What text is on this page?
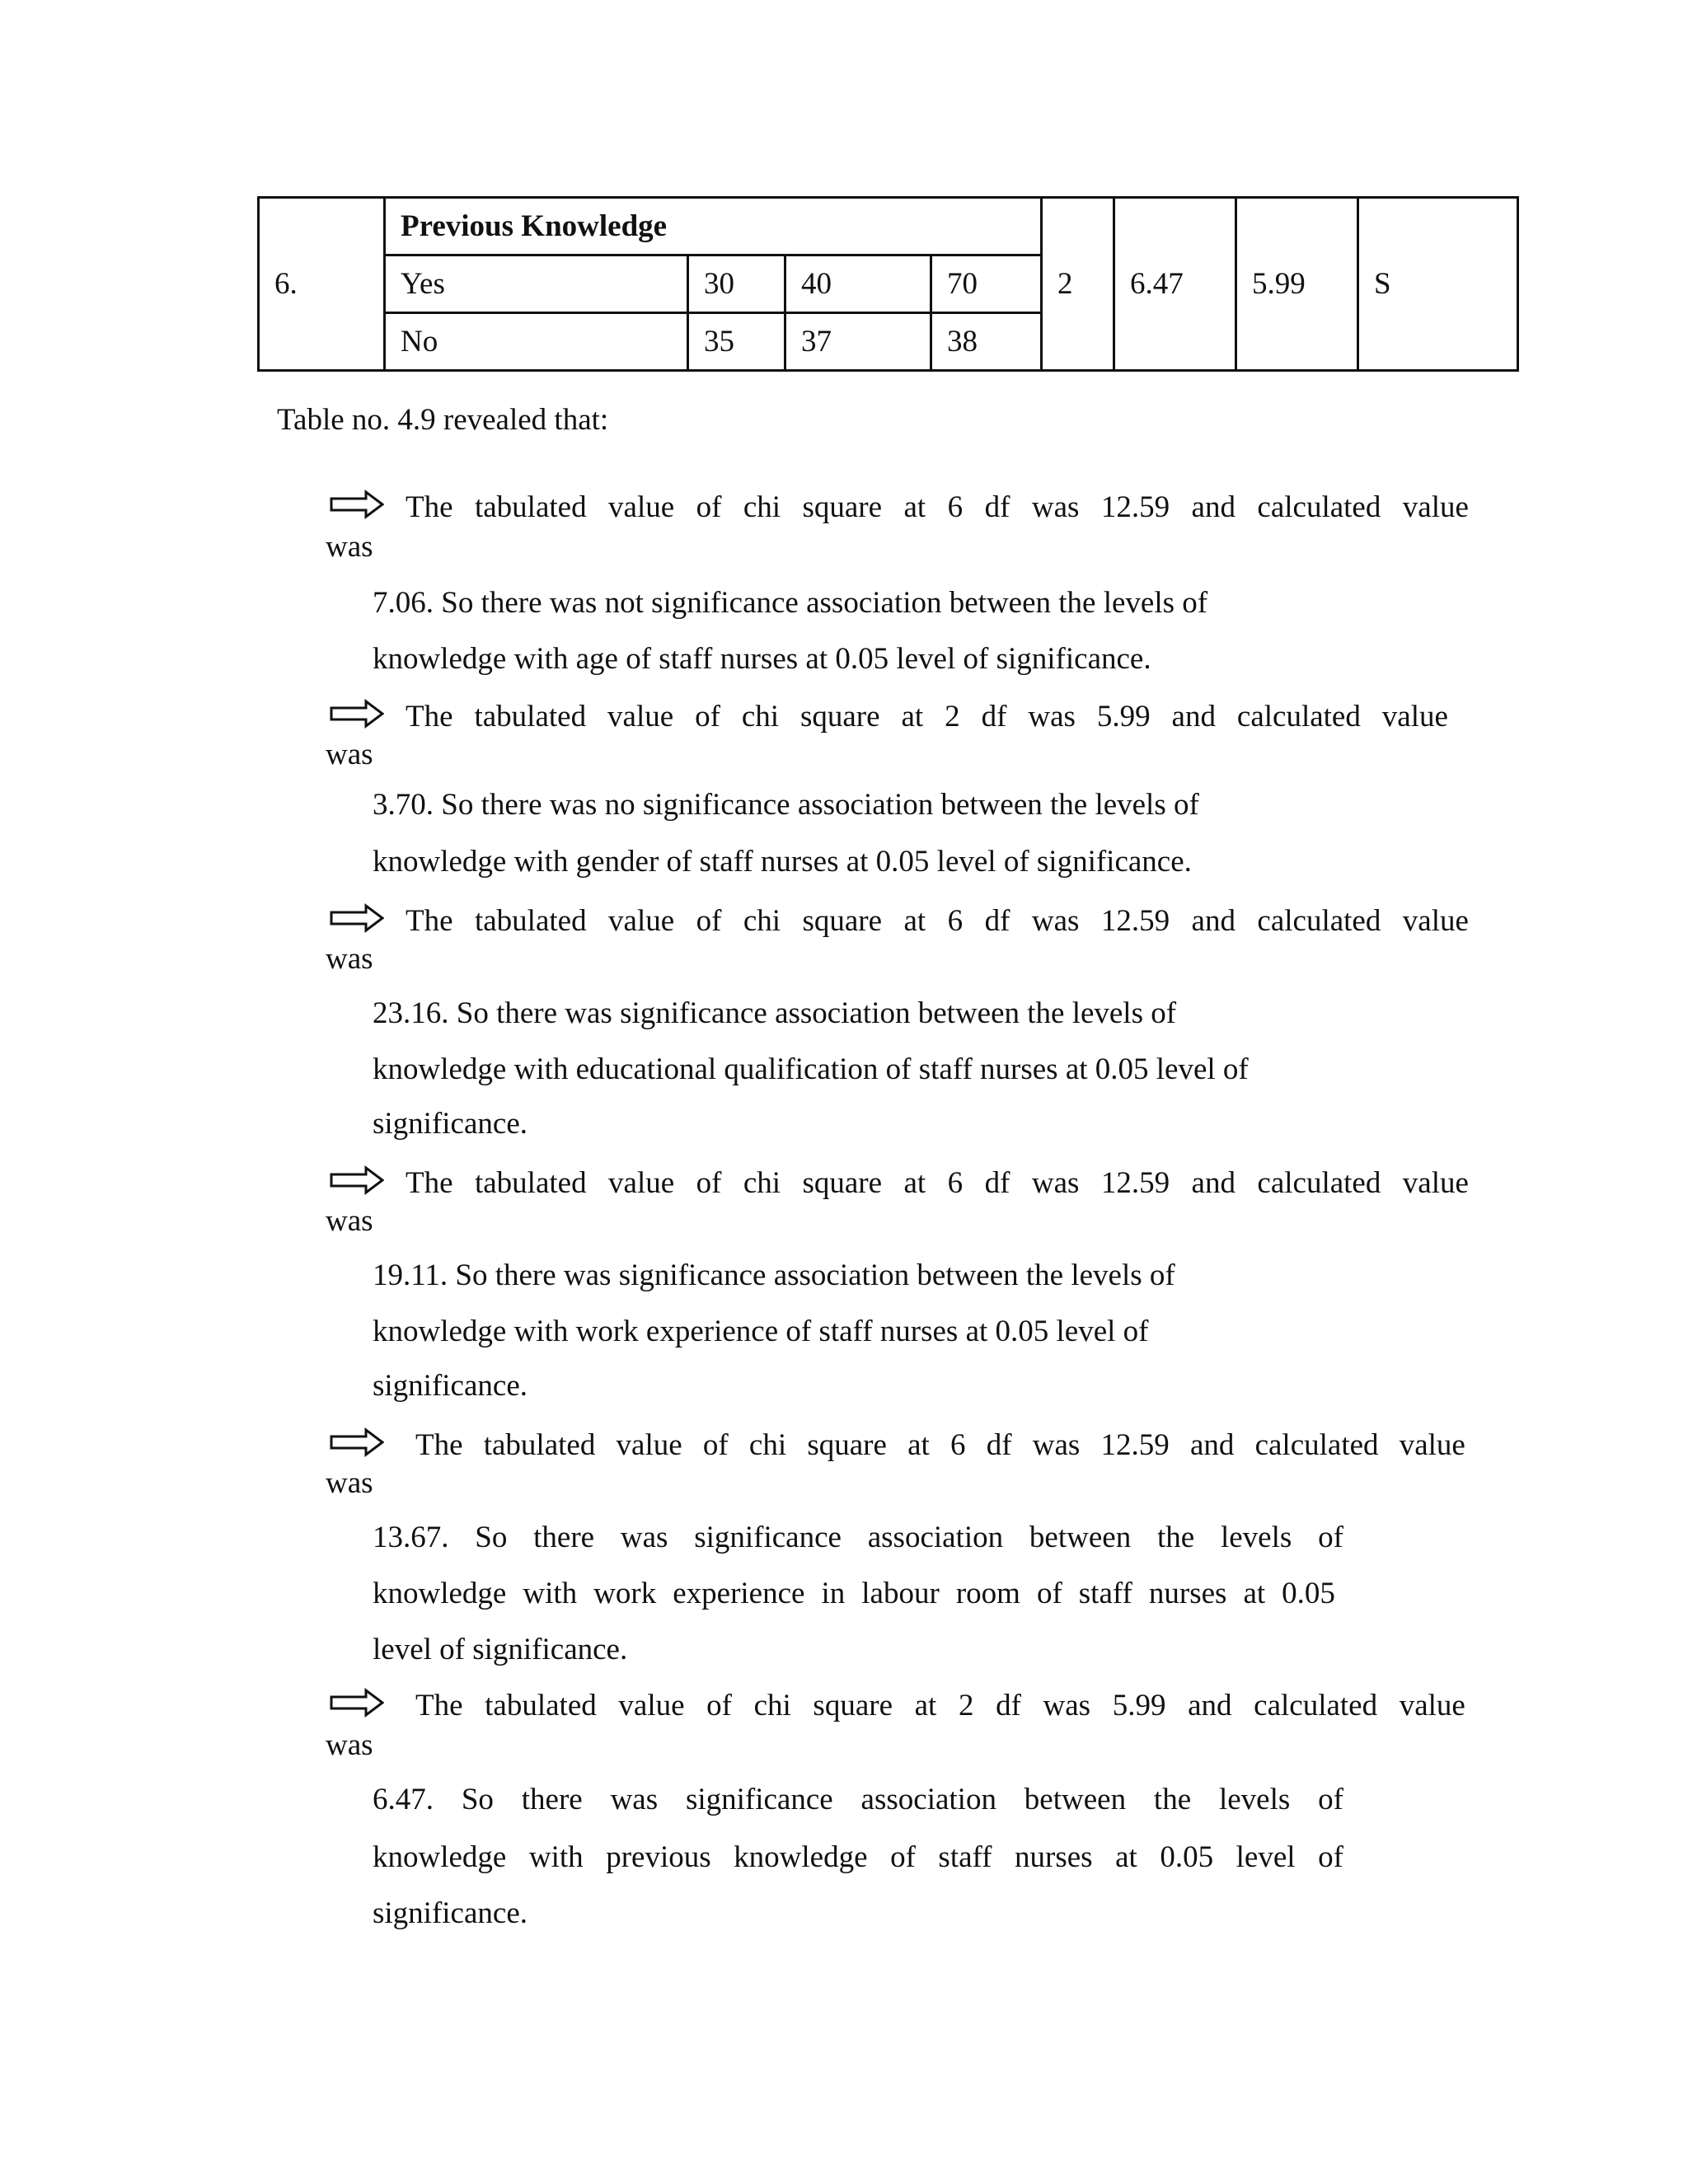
6.	Previous Knowledge				2	6.47	5.99	S
	Yes	30	40	70				
	No	35	37	38				
Table no. 4.9 revealed that:
The tabulated value of chi square at 6 df was 12.59 and calculated value
was
7.06. So there was not significance association between the levels of
knowledge with age of staff nurses at 0.05 level of significance.
The tabulated value of chi square at 2 df was 5.99 and calculated value
was
3.70. So there was no significance association between the levels of
knowledge with gender of staff nurses at 0.05 level of significance.
The tabulated value of chi square at 6 df was 12.59 and calculated value
was
23.16. So there was significance association between the levels of
knowledge with educational qualification of staff nurses at 0.05 level of
significance.
The tabulated value of chi square at 6 df was 12.59 and calculated value
was
19.11. So there was significance association between the levels of
knowledge with work experience of staff nurses at 0.05 level of
significance.
The tabulated value of chi square at 6 df was 12.59 and calculated value
was
13.67. So there was significance association between the levels of
knowledge with work experience in labour room of staff nurses at 0.05
level of significance.
The tabulated value of chi square at 2 df was 5.99 and calculated value
was
6.47. So there was significance association between the levels of
knowledge with previous knowledge of staff nurses at 0.05 level of
significance.
